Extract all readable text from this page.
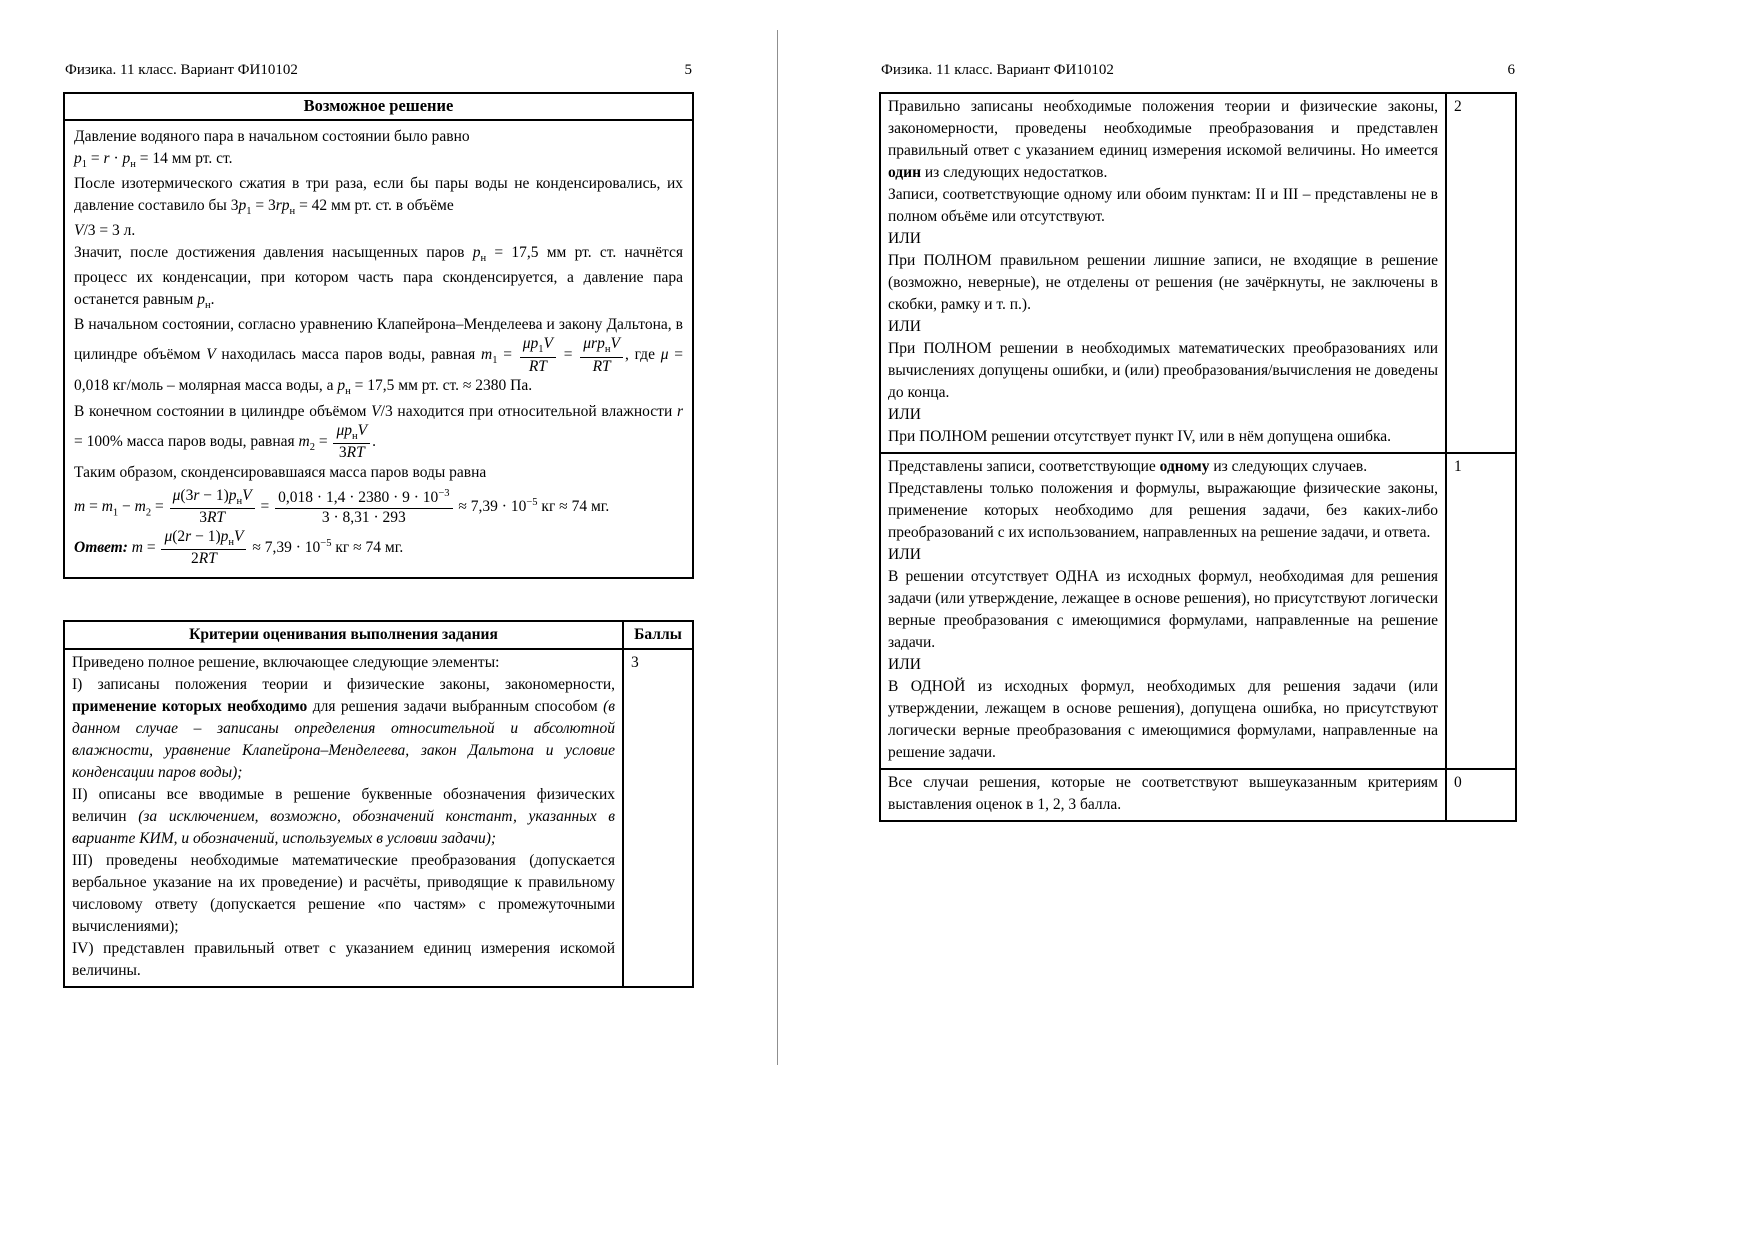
Физика. 11 класс. Вариант ФИ10102	5
Возможное решение

Давление водяного пара в начальном состоянии было равно
$p_1 = r \cdot p_н = 14$ мм рт. ст.

После изотермического сжатия в три раза, если бы пары воды не конденсировались, их давление составило бы $3p_1 = 3rp_н = 42$ мм рт. ст. в объёме
V/3 = 3 л.

Значит, после достижения давления насыщенных паров $p_н = 17,5$ мм рт. ст. начнётся процесс их конденсации, при котором часть пара сконденсируется, а давление пара останется равным $p_н$.

В начальном состоянии, согласно уравнению Клапейрона–Менделеева и закону Дальтона, в цилиндре объёмом V находилась масса паров воды, равная $m_1 = \frac{\mu p_1V}{RT} = \frac{\mu rp_нV}{RT}$ , где μ = 0,018 кг/моль – молярная масса воды, а $p_н = 17,5$ мм рт. ст. ≈ 2380 Па.

В конечном состоянии в цилиндре объёмом V/3 находится при относительной влажности r = 100% масса паров воды, равная $m_2 = \frac{\mu p_нV}{3RT}$ .

Таким образом, сконденсировавшаяся масса паров воды равна

$m = m_1 - m_2 = \frac{\mu(3r - 1)p_нV}{3RT} = \frac{0,018 \cdot 1,4 \cdot 2380 \cdot 9 \cdot 10^{-3}}{3 \cdot 8,31 \cdot 293} \approx 7,39 \cdot 10^{-5}$ кг ≈ 74 мг.

Ответ: $m = \frac{\mu(2r - 1)p_нV}{2RT} \approx 7,39 \cdot 10^{-5}$ кг ≈ 74 мг.

Критерии оценивания выполнения задания	Баллы

Приведено полное решение, включающее следующие элементы:

I) записаны положения теории и физические законы, закономерности, применение которых необходимо для решения задачи выбранным способом (в данном случае – записаны определения относительной и абсолютной влажности, уравнение Клапейрона–Менделеева, закон Дальтона и условие конденсации паров воды);

II) описаны все вводимые в решение буквенные обозначения физических величин (за исключением, возможно, обозначений констант, указанных в варианте КИМ, и обозначений, используемых в условии задачи);

III) проведены необходимые математические преобразования (допускается вербальное указание на их проведение) и расчёты, приводящие к правильному числовому ответу (допускается решение «по частям» с промежуточными вычислениями);

IV) представлен правильный ответ с указанием единиц измерения искомой величины.	3
Физика. 11 класс. Вариант ФИ10102	6

Правильно записаны необходимые положения теории и физические законы, закономерности, проведены необходимые преобразования и представлен правильный ответ с указанием единиц измерения искомой величины. Но имеется один из следующих недостатков.

Записи, соответствующие одному или обоим пунктам: II и III – представлены не в полном объёме или отсутствуют.

ИЛИ

При ПОЛНОМ правильном решении лишние записи, не входящие в решение (возможно, неверные), не отделены от решения (не зачёркнуты, не заключены в скобки, рамку и т. п.).

ИЛИ

При ПОЛНОМ решении в необходимых математических преобразованиях или вычислениях допущены ошибки, и (или) преобразования/вычисления не доведены до конца.

ИЛИ

При ПОЛНОМ решении отсутствует пункт IV, или в нём допущена ошибка.

	2

Представлены записи, соответствующие одному из следующих случаев.

Представлены только положения и формулы, выражающие физические законы, применение которых необходимо для решения задачи, без каких-либо преобразований с их использованием, направленных на решение задачи, и ответа.

ИЛИ

В решении отсутствует ОДНА из исходных формул, необходимая для решения задачи (или утверждение, лежащее в основе решения), но присутствуют логически верные преобразования с имеющимися формулами, направленные на решение задачи.

ИЛИ

В ОДНОЙ из исходных формул, необходимых для решения задачи (или утверждении, лежащем в основе решения), допущена ошибка, но присутствуют логически верные преобразования с имеющимися формулами, направленные на решение задачи.

	1

Все случаи решения, которые не соответствуют вышеуказанным критериям выставления оценок в 1, 2, 3 балла.	0
